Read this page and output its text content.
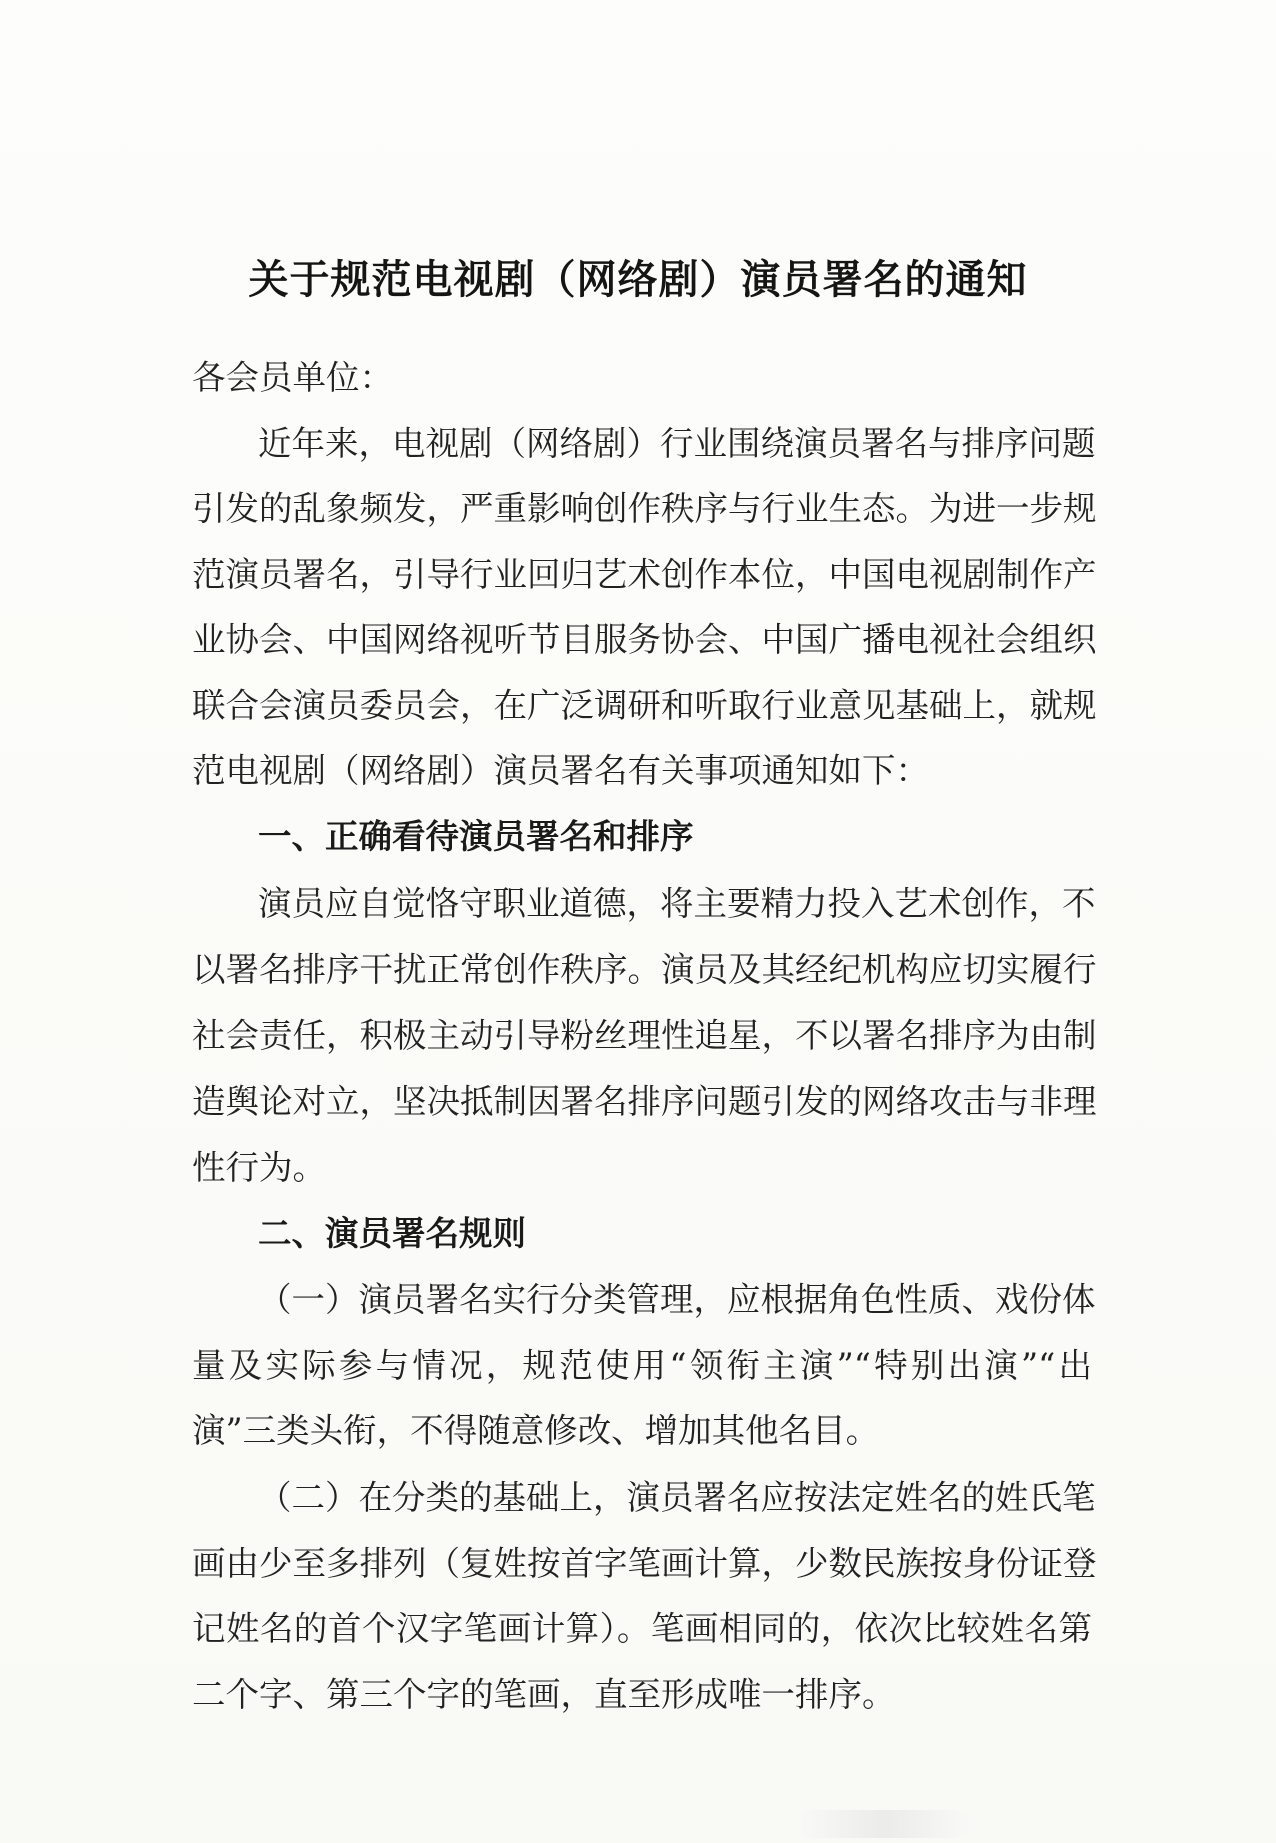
关于规范电视剧（网络剧）演员署名的通知
各会员单位：
近年来，电视剧（网络剧）行业围绕演员署名与排序问题
引发的乱象频发，严重影响创作秩序与行业生态。为进一步规
范演员署名，引导行业回归艺术创作本位，中国电视剧制作产
业协会、中国网络视听节目服务协会、中国广播电视社会组织
联合会演员委员会，在广泛调研和听取行业意见基础上，就规
范电视剧（网络剧）演员署名有关事项通知如下：
一、正确看待演员署名和排序
演员应自觉恪守职业道德，将主要精力投入艺术创作，不
以署名排序干扰正常创作秩序。演员及其经纪机构应切实履行
社会责任，积极主动引导粉丝理性追星，不以署名排序为由制
造舆论对立，坚决抵制因署名排序问题引发的网络攻击与非理
性行为。
二、演员署名规则
（一）演员署名实行分类管理，应根据角色性质、戏份体
量及实际参与情况，规范使用“领衔主演”“特别出演”“出
演”三类头衔，不得随意修改、增加其他名目。
（二）在分类的基础上，演员署名应按法定姓名的姓氏笔
画由少至多排列（复姓按首字笔画计算，少数民族按身份证登
记姓名的首个汉字笔画计算）。笔画相同的，依次比较姓名第
二个字、第三个字的笔画，直至形成唯一排序。
